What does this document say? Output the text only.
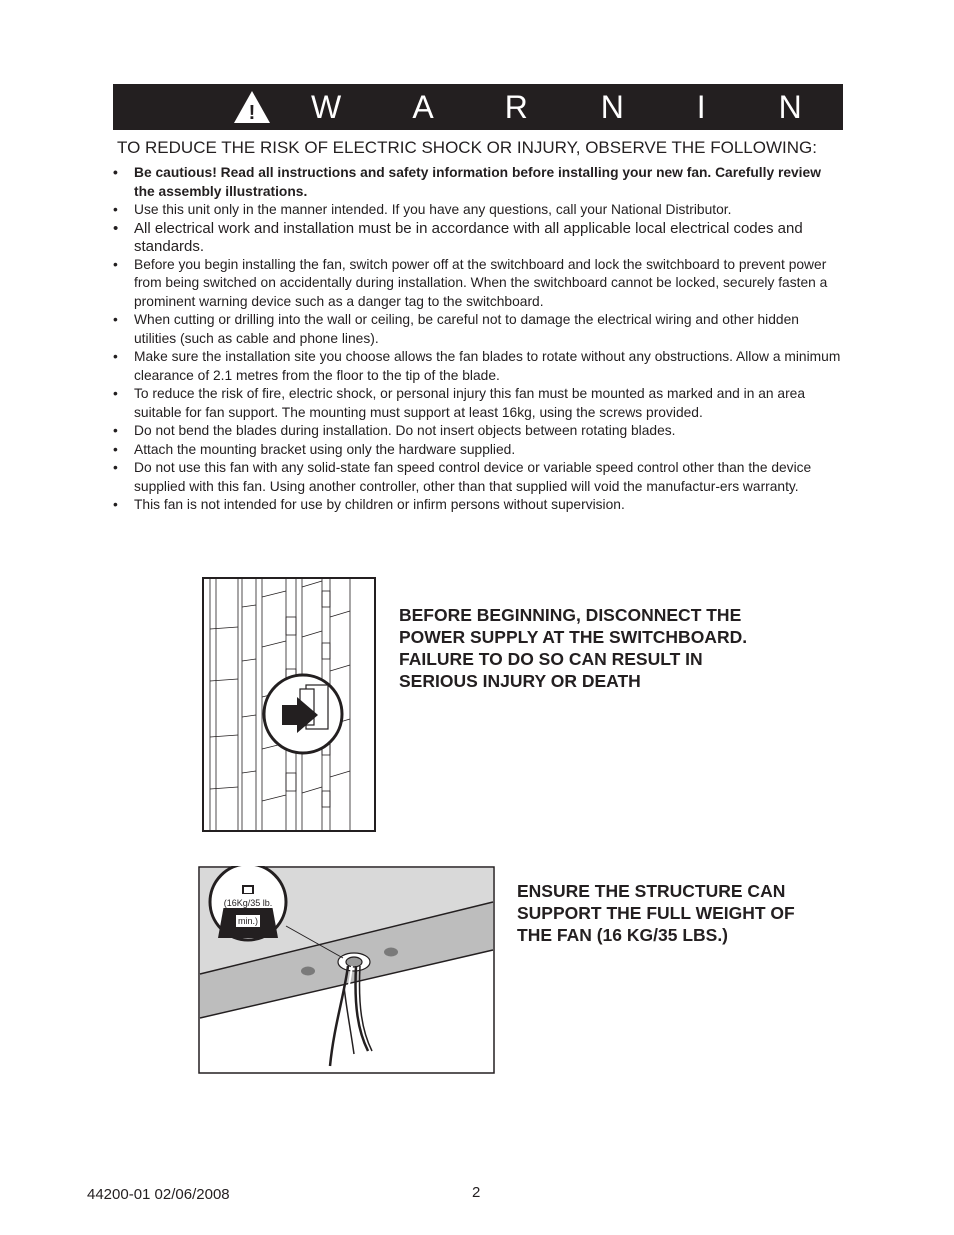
! W A R N I N G
TO REDUCE THE RISK OF ELECTRIC SHOCK OR INJURY, OBSERVE THE FOLLOWING:
• Be cautious! Read all instructions and safety information before installing your new fan. Carefully review the assembly illustrations.
• Use this unit only in the manner intended. If you have any questions, call your National Distributor.
• All electrical work and installation must be in accordance with all applicable local electrical codes and standards.
• Before you begin installing the fan, switch power off at the switchboard and lock the switchboard to prevent power from being switched on accidentally during installation. When the switchboard cannot be locked, securely fasten a prominent warning device such as a danger tag to the switchboard.
• When cutting or drilling into the wall or ceiling, be careful not to damage the electrical wiring and other hidden utilities (such as cable and phone lines).
• Make sure the installation site you choose allows the fan blades to rotate without any obstructions. Allow a minimum clearance of 2.1 metres from the floor to the tip of the blade.
• To reduce the risk of fire, electric shock, or personal injury this fan must be mounted as marked and in an area suitable for fan support. The mounting must support at least 16kg, using the screws provided.
• Do not bend the blades during installation. Do not insert objects between rotating blades.
• Attach the mounting bracket using only the hardware supplied.
• Do not use this fan with any solid-state fan speed control device or variable speed control other than the device supplied with this fan. Using another controller, other than that supplied will void the manufactur-ers warranty.
• This fan is not intended for use by children or infirm persons without supervision.
BEFORE BEGINNING, DISCONNECT THE POWER SUPPLY AT THE SWITCHBOARD. FAILURE TO DO SO CAN RESULT IN SERIOUS INJURY OR DEATH
(16Kg/35 lb.
min.)
ENSURE THE STRUCTURE CAN SUPPORT THE FULL WEIGHT OF THE FAN (16 KG/35 LBS.)
44200-01 02/06/2008	2
